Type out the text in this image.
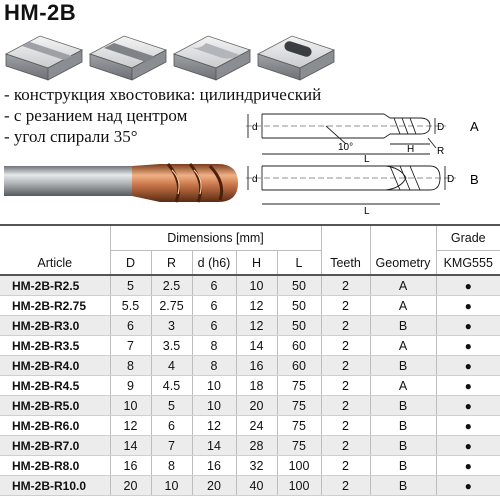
HM-2B
- конструкция хвостовика: цилиндрический
- с резанием над центром
- угол спирали 35°	d	D
10°	H R
L
A
d	D
L
B
Article	Dimensions [mm]					Teeth	Geometry	Grade
	D	R	d (h6)	H	L			KMG555
HM-2B-R2.5	5	2.5	6	10	50	2	A	●
HM-2B-R2.75	5.5	2.75	6	12	50	2	A	●
HM-2B-R3.0	6	3	6	12	50	2	B	●
HM-2B-R3.5	7	3.5	8	14	60	2	A	●
HM-2B-R4.0	8	4	8	16	60	2	B	●
HM-2B-R4.5	9	4.5	10	18	75	2	A	●
HM-2B-R5.0	10	5	10	20	75	2	B	●
HM-2B-R6.0	12	6	12	24	75	2	B	●
HM-2B-R7.0	14	7	14	28	75	2	B	●
HM-2B-R8.0	16	8	16	32	100	2	B	●
HM-2B-R10.0	20	10	20	40	100	2	B	●
